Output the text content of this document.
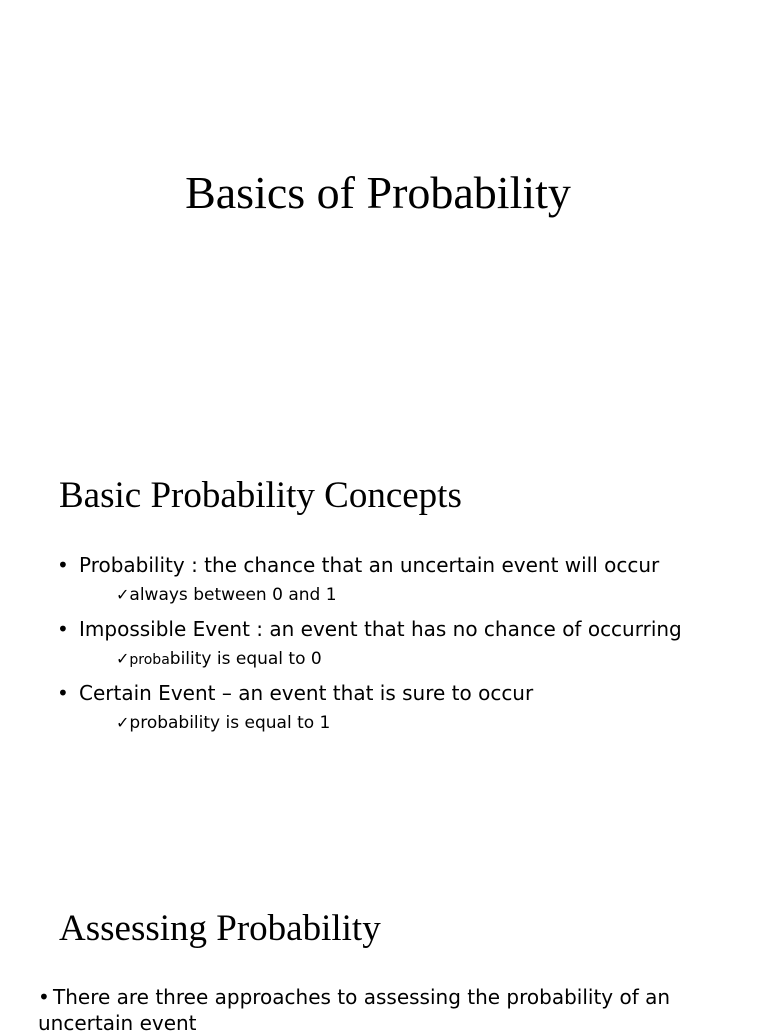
Basics of Probability
Basic Probability Concepts
• Probability : the chance that an uncertain event will occur
✓always between 0 and 1
• Impossible Event : an event that has no chance of occurring
✓probability is equal to 0
• Certain Event – an event that is sure to occur
✓probability is equal to 1
Assessing Probability
• There are three approaches to assessing the probability of an uncertain event
